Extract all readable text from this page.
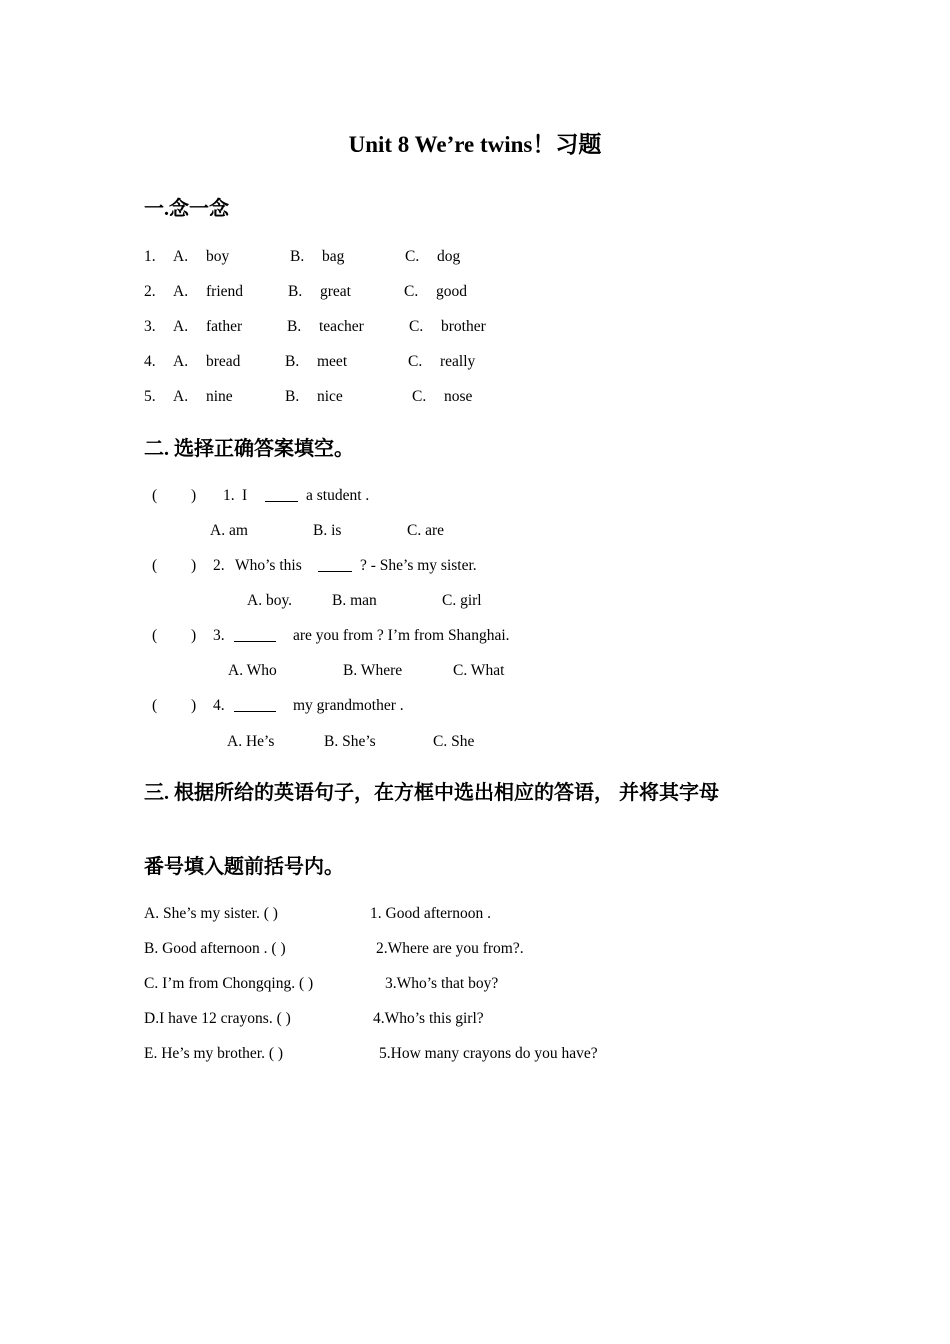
Unit 8 We’re twins！习题
一.念一念
1. A. boy	B. bag	C. dog
2. A. friend	B. great	C. good
3. A. father	B. teacher	C. brother
4. A. bread	B. meet	C. really
5. A. nine	B. nice	C. nose
二. 选择正确答案填空。
( ) 1. I	a student .
A. am	B. is	C. are
( ) 2. Who’s this	? - She’s my sister.
A. boy.	B. man	C. girl
( ) 3.	are you from ? I’m from Shanghai.
A. Who	B. Where	C. What
( ) 4.	my grandmother .
A. He’s	B. She’s	C. She
三. 根据所给的英语句子，在方框中选出相应的答语， 并将其字母
番号填入题前括号内。
A. She’s my sister. ( )	1. Good afternoon .
B. Good afternoon . ( )	2.Where are you from?.
C. I’m from Chongqing. ( )	3.Who’s that boy?
D.I have 12 crayons. ( )	4.Who’s this girl?
E. He’s my brother. ( )	5.How many crayons do you have?
